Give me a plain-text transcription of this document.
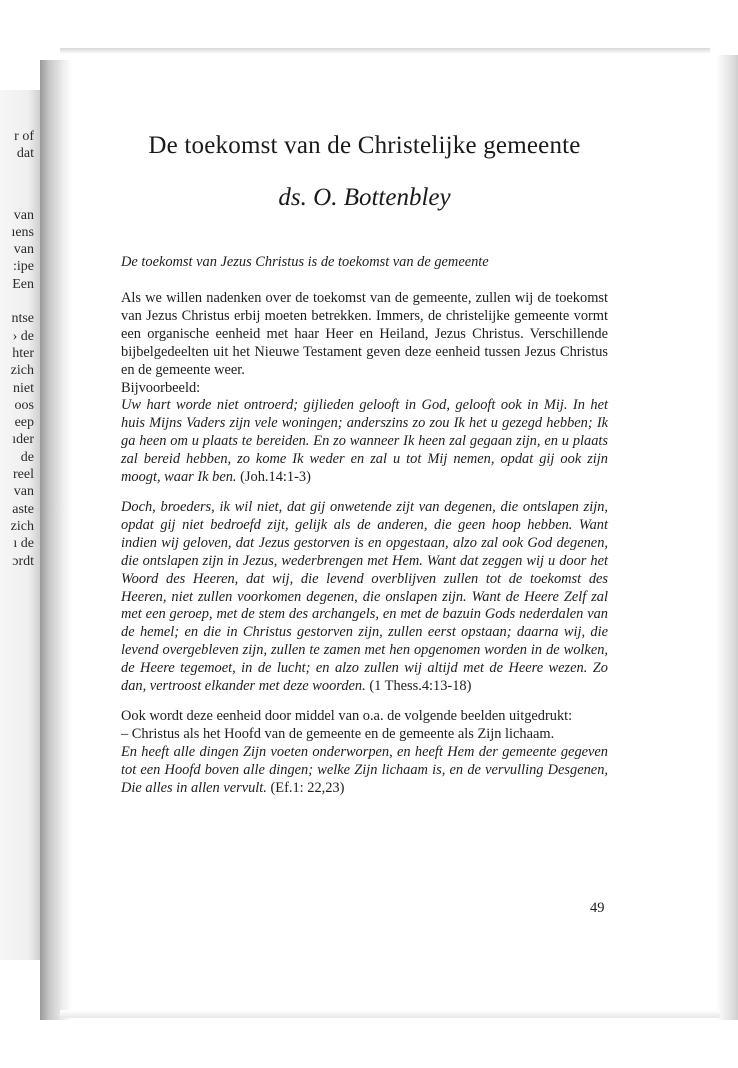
r of
dat
van
ıens
van
:ipe
Een
ntse
› de
hter
zich
niet
oos
eep
ıder
de
reel
van
aste
zich
ı de
ɔrdt
De toekomst van de Christelijke gemeente
ds. O. Bottenbley
De toekomst van Jezus Christus is de toekomst van de gemeente

Als we willen nadenken over de toekomst van de gemeente, zullen wij de toekomst van Jezus Christus erbij moeten betrekken. Immers, de christelijke gemeente vormt een organische eenheid met haar Heer en Heiland, Jezus Christus. Verschillende bijbelgedeelten uit het Nieuwe Testament geven deze eenheid tussen Jezus Christus en de gemeente weer.

Bijvoorbeeld:

Uw hart worde niet ontroerd; gijlieden gelooft in God, gelooft ook in Mij. In het huis Mijns Vaders zijn vele woningen; anderszins zo zou Ik het u gezegd hebben; Ik ga heen om u plaats te bereiden. En zo wanneer Ik heen zal gegaan zijn, en u plaats zal bereid hebben, zo kome Ik weder en zal u tot Mij nemen, opdat gij ook zijn moogt, waar Ik ben. (Joh.14:1-3)

Doch, broeders, ik wil niet, dat gij onwetende zijt van degenen, die ontslapen zijn, opdat gij niet bedroefd zijt, gelijk als de anderen, die geen hoop hebben. Want indien wij geloven, dat Jezus gestorven is en opgestaan, alzo zal ook God degenen, die ontslapen zijn in Jezus, wederbrengen met Hem. Want dat zeggen wij u door het Woord des Heeren, dat wij, die levend overblijven zullen tot de toekomst des Heeren, niet zullen voorkomen degenen, die onslapen zijn. Want de Heere Zelf zal met een geroep, met de stem des archangels, en met de bazuin Gods nederdalen van de hemel; en die in Christus gestorven zijn, zullen eerst opstaan; daarna wij, die levend overgebleven zijn, zullen te zamen met hen opgenomen worden in de wolken, de Heere tegemoet, in de lucht; en alzo zullen wij altijd met de Heere wezen. Zo dan, vertroost elkander met deze woorden. (1 Thess.4:13-18)

Ook wordt deze eenheid door middel van o.a. de volgende beelden uitgedrukt:

– Christus als het Hoofd van de gemeente en de gemeente als Zijn lichaam.

En heeft alle dingen Zijn voeten onderworpen, en heeft Hem der gemeente gegeven tot een Hoofd boven alle dingen; welke Zijn lichaam is, en de vervulling Desgenen, Die alles in allen vervult. (Ef.1: 22,23)

49
